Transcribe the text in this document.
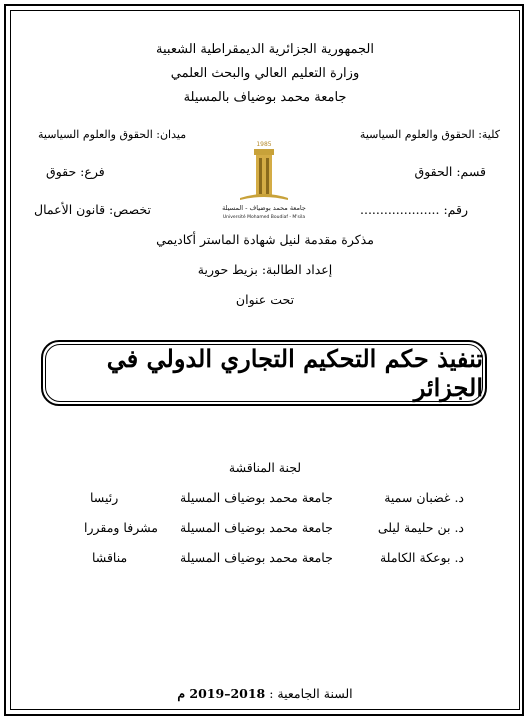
الجمهورية الجزائرية الديمقراطية الشعبية
وزارة التعليم العالي والبحث العلمي
جامعة محمد بوضياف بالمسيلة
كلية: الحقوق والعلوم السياسية
ميدان: الحقوق والعلوم السياسية
قسم: الحقوق
فرع: حقوق
رقم: ....................
تخصص: قانون الأعمال
1985
جامعة محمد بوضياف - المسيلة
Université Mohamed Boudiaf - M'sila
مذكرة مقدمة لنيل شهادة الماستر أكاديمي
إعداد الطالبة: بزيط حورية
تحت عنوان
تنفيذ حكم التحكيم التجاري الدولي في الجزائر
لجنة المناقشة
د. غضبان سمية
جامعة محمد بوضياف المسيلة
رئيسا
د. بن حليمة ليلى
جامعة محمد بوضياف المسيلة
مشرفا ومقررا
د. بوعكة الكاملة
جامعة محمد بوضياف المسيلة
مناقشا
السنة الجامعية : 2018–2019 م
